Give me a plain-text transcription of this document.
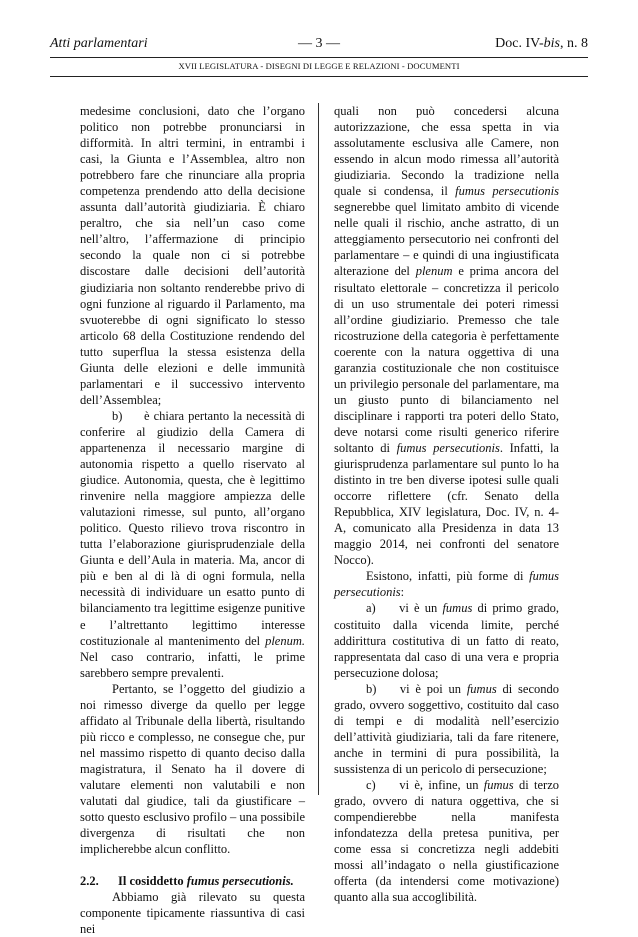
Atti parlamentari	— 3 —	Doc. IV-bis, n. 8
XVII LEGISLATURA - DISEGNI DI LEGGE E RELAZIONI - DOCUMENTI

medesime conclusioni, dato che l’organo politico non potrebbe pronunciarsi in difformità. In altri termini, in entrambi i casi, la Giunta e l’Assemblea, altro non potrebbero fare che rinunciare alla propria competenza prendendo atto della decisione assunta dall’autorità giudiziaria. È chiaro peraltro, che sia nell’un caso come nell’altro, l’affermazione di principio secondo la quale non ci si potrebbe discostare dalle decisioni dell’autorità giudiziaria non soltanto renderebbe privo di ogni funzione al riguardo il Parlamento, ma svuoterebbe di ogni significato lo stesso articolo 68 della Costituzione rendendo del tutto superflua la stessa esistenza della Giunta delle elezioni e delle immunità parlamentari e il successivo intervento dell’Assemblea;

b) è chiara pertanto la necessità di conferire al giudizio della Camera di appartenenza il necessario margine di autonomia rispetto a quello riservato al giudice. Autonomia, questa, che è legittimo rinvenire nella maggiore ampiezza delle valutazioni rimesse, sul punto, all’organo politico. Questo rilievo trova riscontro in tutta l’elaborazione giurisprudenziale della Giunta e dell’Aula in materia. Ma, ancor di più e ben al di là di ogni formula, nella necessità di individuare un esatto punto di bilanciamento tra legittime esigenze punitive e l’altrettanto legittimo interesse costituzionale al mantenimento del plenum. Nel caso contrario, infatti, le prime sarebbero sempre prevalenti.

Pertanto, se l’oggetto del giudizio a noi rimesso diverge da quello per legge affidato al Tribunale della libertà, risultando più ricco e complesso, ne consegue che, pur nel massimo rispetto di quanto deciso dalla magistratura, il Senato ha il dovere di valutare elementi non valutabili e non valutati dal giudice, tali da giustificare – sotto questo esclusivo profilo – una possibile divergenza di risultati che non implicherebbe alcun conflitto.

2.2. Il cosiddetto fumus persecutionis.

Abbiamo già rilevato su questa componente tipicamente riassuntiva di casi nei

quali non può concedersi alcuna autorizzazione, che essa spetta in via assolutamente esclusiva alle Camere, non essendo in alcun modo rimessa all’autorità giudiziaria. Secondo la tradizione nella quale si condensa, il fumus persecutionis segnerebbe quel limitato ambito di vicende nelle quali il rischio, anche astratto, di un atteggiamento persecutorio nei confronti del parlamentare – e quindi di una ingiustificata alterazione del plenum e prima ancora del risultato elettorale – concretizza il pericolo di un uso strumentale dei poteri rimessi all’ordine giudiziario. Premesso che tale ricostruzione della categoria è perfettamente coerente con la natura oggettiva di una garanzia costituzionale che non costituisce un privilegio personale del parlamentare, ma un giusto punto di bilanciamento nel disciplinare i rapporti tra poteri dello Stato, deve notarsi come risulti generico riferire soltanto di fumus persecutionis. Infatti, la giurisprudenza parlamentare sul punto lo ha distinto in tre ben diverse ipotesi sulle quali occorre riflettere (cfr. Senato della Repubblica, XIV legislatura, Doc. IV, n. 4-A, comunicato alla Presidenza in data 13 maggio 2014, nei confronti del senatore Nocco).

Esistono, infatti, più forme di fumus persecutionis:

a) vi è un fumus di primo grado, costituito dalla vicenda limite, perché addirittura costitutiva di un fatto di reato, rappresentata dal caso di una vera e propria persecuzione dolosa;

b) vi è poi un fumus di secondo grado, ovvero soggettivo, costituito dal caso di tempi e di modalità nell’esercizio dell’attività giudiziaria, tali da fare ritenere, anche in termini di pura possibilità, la sussistenza di un pericolo di persecuzione;

c) vi è, infine, un fumus di terzo grado, ovvero di natura oggettiva, che si compendierebbe nella manifesta infondatezza della pretesa punitiva, per come essa si concretizza negli addebiti mossi all’indagato o nella giustificazione offerta (da intendersi come motivazione) quanto alla sua accoglibilità.
